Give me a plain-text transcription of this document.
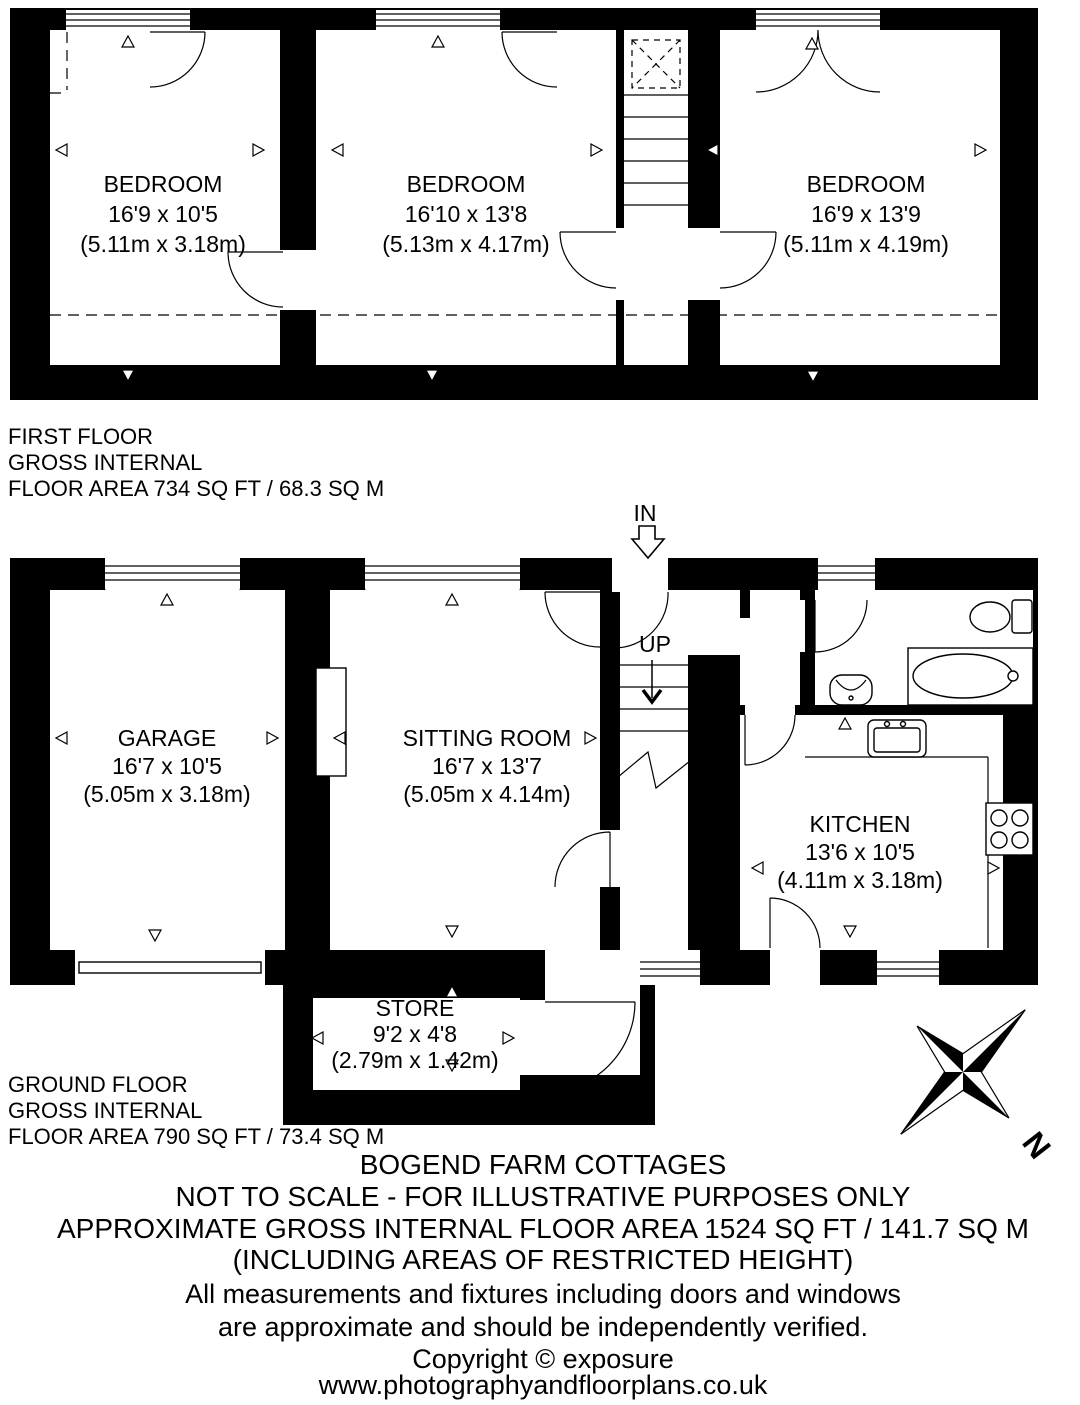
BEDROOM
16'9 x 10'5
(5.11m x 3.18m)
BEDROOM
16'10 x 13'8
(5.13m x 4.17m)
BEDROOM
16'9 x 13'9
(5.11m x 4.19m)
FIRST FLOOR
GROSS INTERNAL
FLOOR AREA 734 SQ FT / 68.3 SQ M
IN
UP
GARAGE
16'7 x 10'5
(5.05m x 3.18m)
SITTING ROOM
16'7 x 13'7
(5.05m x 4.14m)
KITCHEN
13'6 x 10'5
(4.11m x 3.18m)
STORE
9'2 x 4'8
(2.79m x 1.42m)
GROUND FLOOR
GROSS INTERNAL
FLOOR AREA 790 SQ FT / 73.4 SQ M	N
BOGEND FARM COTTAGES
NOT TO SCALE - FOR ILLUSTRATIVE PURPOSES ONLY
APPROXIMATE GROSS INTERNAL FLOOR AREA 1524 SQ FT / 141.7 SQ M
(INCLUDING AREAS OF RESTRICTED HEIGHT)
All measurements and fixtures including doors and windows
are approximate and should be independently verified.
Copyright © exposure
www.photographyandfloorplans.co.uk
